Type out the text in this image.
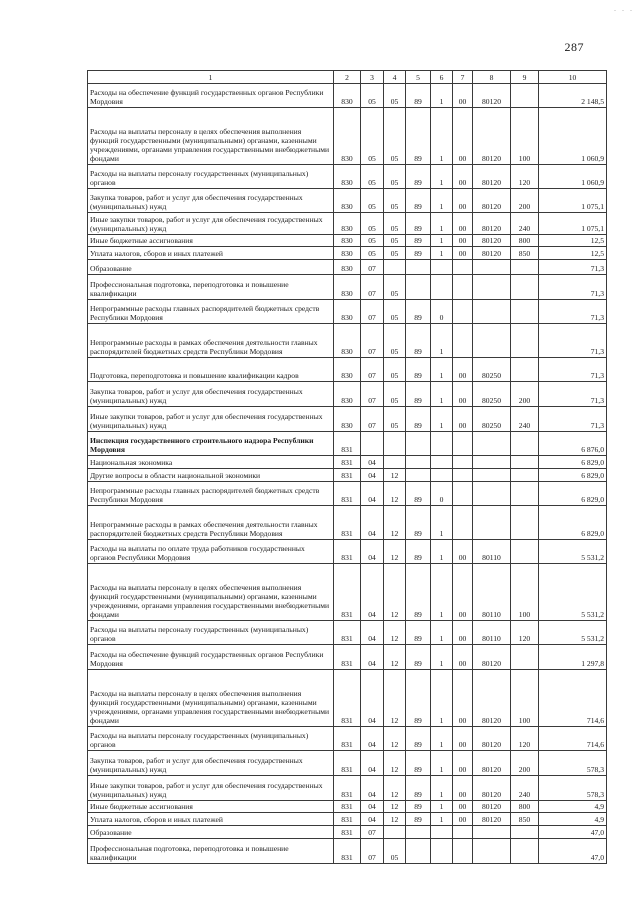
. . .
287
1	2	3	4	5	6	7	8	9	10
Расходы на обеспечение функций государственных органов Республики Мордовия	830	05	05	89	1	00	80120		2 148,5
Расходы на выплаты персоналу в целях обеспечения выполнения функций государственными (муниципальными) органами, казенными учреждениями, органами управления государственными внебюджетными фондами	830	05	05	89	1	00	80120	100	1 060,9
Расходы на выплаты персоналу государственных (муниципальных) органов	830	05	05	89	1	00	80120	120	1 060,9
Закупка товаров, работ и услуг для обеспечения государственных (муниципальных) нужд	830	05	05	89	1	00	80120	200	1 075,1
Иные закупки товаров, работ и услуг для обеспечения государственных (муниципальных) нужд	830	05	05	89	1	00	80120	240	1 075,1
Иные бюджетные ассигнования	830	05	05	89	1	00	80120	800	12,5
Уплата налогов, сборов и иных платежей	830	05	05	89	1	00	80120	850	12,5
Образование	830	07							71,3
Профессиональная подготовка, переподготовка и повышение квалификации	830	07	05						71,3
Непрограммные расходы главных распорядителей бюджетных средств Республики Мордовия	830	07	05	89	0				71,3
Непрограммные расходы в рамках обеспечения деятельности главных распорядителей бюджетных средств Республики Мордовия	830	07	05	89	1				71,3
Подготовка, переподготовка и повышение квалификации кадров	830	07	05	89	1	00	80250		71,3
Закупка товаров, работ и услуг для обеспечения государственных (муниципальных) нужд	830	07	05	89	1	00	80250	200	71,3
Иные закупки товаров, работ и услуг для обеспечения государственных (муниципальных) нужд	830	07	05	89	1	00	80250	240	71,3
Инспекция государственного строительного надзора Республики Мордовия	831								6 876,0
Национальная экономика	831	04							6 829,0
Другие вопросы в области национальной экономики	831	04	12						6 829,0
Непрограммные расходы главных распорядителей бюджетных средств Республики Мордовия	831	04	12	89	0				6 829,0
Непрограммные расходы в рамках обеспечения деятельности главных распорядителей бюджетных средств Республики Мордовия	831	04	12	89	1				6 829,0
Расходы на выплаты по оплате труда работников государственных органов Республики Мордовия	831	04	12	89	1	00	80110		5 531,2
Расходы на выплаты персоналу в целях обеспечения выполнения функций государственными (муниципальными) органами, казенными учреждениями, органами управления государственными внебюджетными фондами	831	04	12	89	1	00	80110	100	5 531,2
Расходы на выплаты персоналу государственных (муниципальных) органов	831	04	12	89	1	00	80110	120	5 531,2
Расходы на обеспечение функций государственных органов Республики Мордовия	831	04	12	89	1	00	80120		1 297,8
Расходы на выплаты персоналу в целях обеспечения выполнения функций государственными (муниципальными) органами, казенными учреждениями, органами управления государственными внебюджетными фондами	831	04	12	89	1	00	80120	100	714,6
Расходы на выплаты персоналу государственных (муниципальных) органов	831	04	12	89	1	00	80120	120	714,6
Закупка товаров, работ и услуг для обеспечения государственных (муниципальных) нужд	831	04	12	89	1	00	80120	200	578,3
Иные закупки товаров, работ и услуг для обеспечения государственных (муниципальных) нужд	831	04	12	89	1	00	80120	240	578,3
Иные бюджетные ассигнования	831	04	12	89	1	00	80120	800	4,9
Уплата налогов, сборов и иных платежей	831	04	12	89	1	00	80120	850	4,9
Образование	831	07							47,0
Профессиональная подготовка, переподготовка и повышение квалификации	831	07	05						47,0
